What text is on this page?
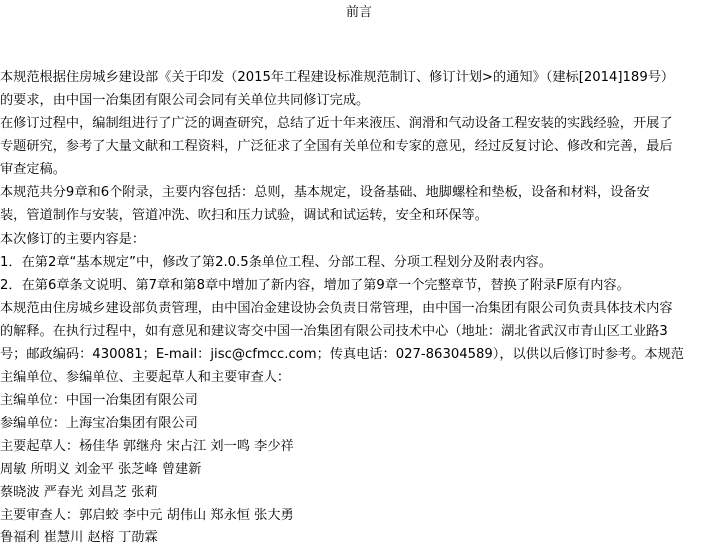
前言
本规范根据住房城乡建设部《关于印发（2015年工程建设标准规范制订、修订计划>的通知》（建标[2014]189号）
的要求，由中国一冶集团有限公司会同有关单位共同修订完成。
在修订过程中，编制组进行了广泛的调查研究，总结了近十年来液压、润滑和气动设备工程安装的实践经验，开展了
专题研究，参考了大量文献和工程资料，广泛征求了全国有关单位和专家的意见，经过反复讨论、修改和完善，最后
审查定稿。
本规范共分9章和6个附录，主要内容包括：总则，基本规定，设备基础、地脚螺栓和垫板，设备和材料，设备安
装，管道制作与安装，管道冲洗、吹扫和压力试验，调试和试运转，安全和环保等。
本次修订的主要内容是：
1．在第2章“基本规定”中，修改了第2.0.5条单位工程、分部工程、分项工程划分及附表内容。
2．在第6章条文说明、第7章和第8章中增加了新内容，增加了第9章一个完整章节，替换了附录F原有内容。
本规范由住房城乡建设部负责管理，由中国冶金建设协会负责日常管理，由中国一冶集团有限公司负责具体技术内容
的解释。在执行过程中，如有意见和建议寄交中国一冶集团有限公司技术中心（地址：湖北省武汉市青山区工业路3
号；邮政编码：430081；E-mail：jisc@cfmcc.com；传真电话：027-86304589），以供以后修订时参考。本规范
主编单位、参编单位、主要起草人和主要审查人：
主编单位：中国一冶集团有限公司
参编单位：上海宝冶集团有限公司
主要起草人：杨佳华 郭继舟 宋占江 刘一鸣 李少祥
周敏 所明义 刘金平 张芝峰 曾建新
蔡晓波 严春光 刘昌芝 张莉
主要审查人：郭启蛟 李中元 胡伟山 郑永恒 张大勇
鲁福利 崔慧川 赵榕 丁劭霖
